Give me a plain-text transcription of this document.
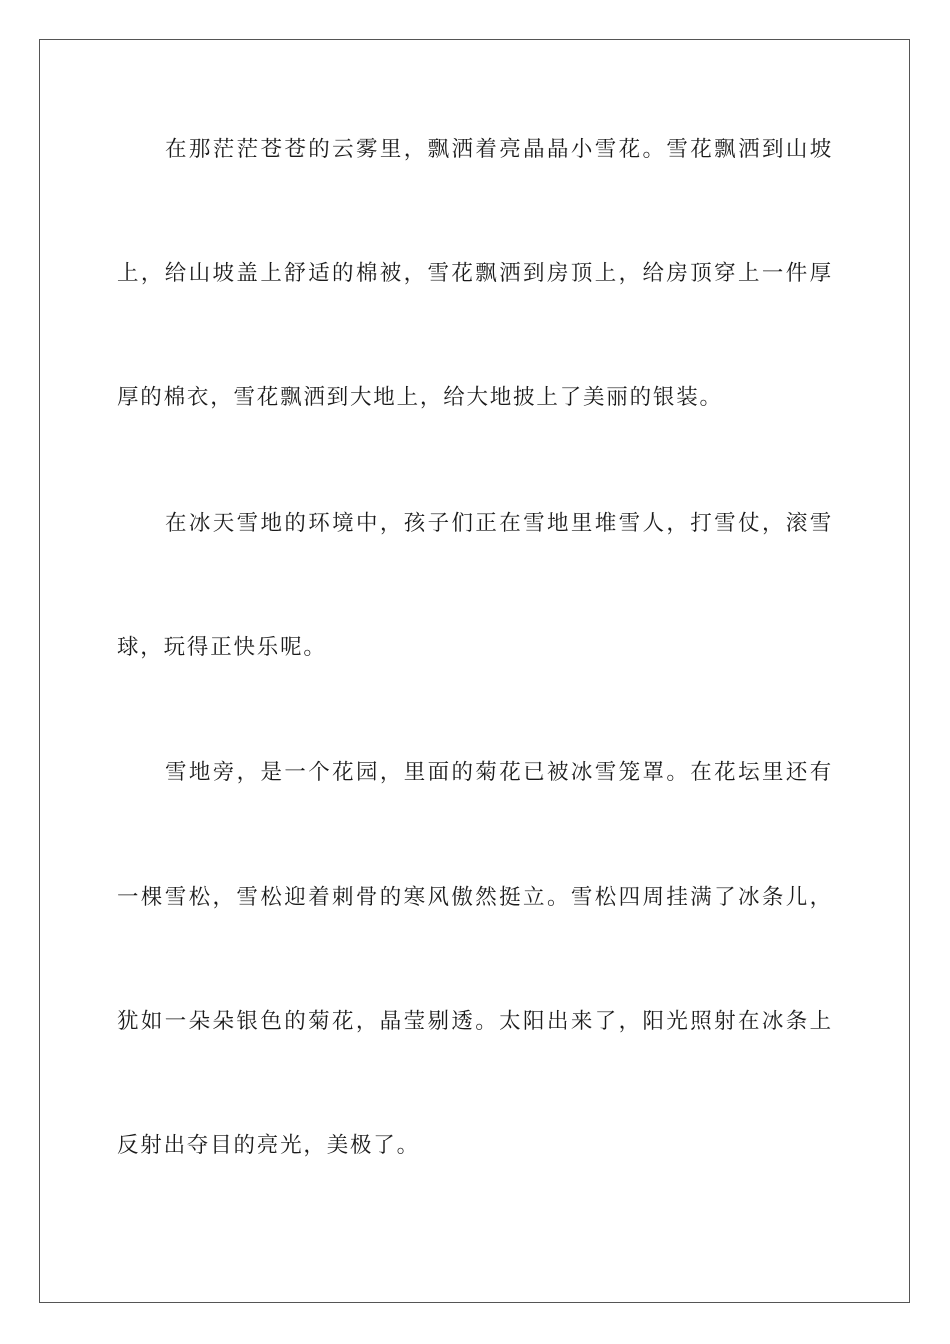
在那茫茫苍苍的云雾里，飘洒着亮晶晶小雪花。雪花飘洒到山坡
上，给山坡盖上舒适的棉被，雪花飘洒到房顶上，给房顶穿上一件厚
厚的棉衣，雪花飘洒到大地上，给大地披上了美丽的银装。
在冰天雪地的环境中，孩子们正在雪地里堆雪人，打雪仗，滚雪
球，玩得正快乐呢。
雪地旁，是一个花园，里面的菊花已被冰雪笼罩。在花坛里还有
一棵雪松，雪松迎着刺骨的寒风傲然挺立。雪松四周挂满了冰条儿，
犹如一朵朵银色的菊花，晶莹剔透。太阳出来了，阳光照射在冰条上
反射出夺目的亮光，美极了。
